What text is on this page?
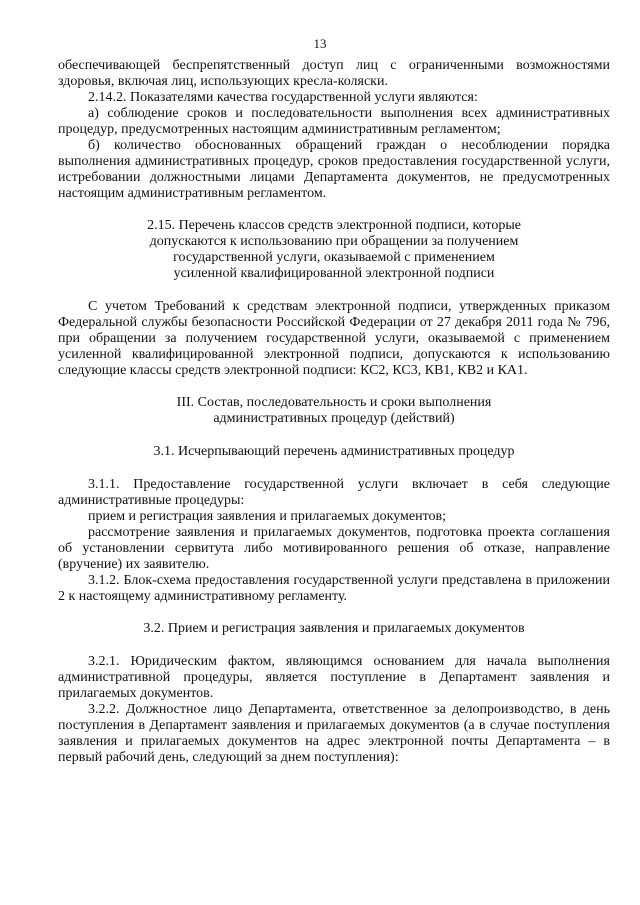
13

обеспечивающей беспрепятственный доступ лиц с ограниченными возможностями здоровья, включая лиц, использующих кресла-коляски.

2.14.2. Показателями качества государственной услуги являются:

а) соблюдение сроков и последовательности выполнения всех административных процедур, предусмотренных настоящим административным регламентом;

б) количество обоснованных обращений граждан о несоблюдении порядка выполнения административных процедур, сроков предоставления государственной услуги, истребовании должностными лицами Департамента документов, не предусмотренных настоящим административным регламентом.

2.15. Перечень классов средств электронной подписи, которые

допускаются к использованию при обращении за получением

государственной услуги, оказываемой с применением

усиленной квалифицированной электронной подписи

С учетом Требований к средствам электронной подписи, утвержденных приказом Федеральной службы безопасности Российской Федерации от 27 декабря 2011 года № 796, при обращении за получением государственной услуги, оказываемой с применением усиленной квалифицированной электронной подписи, допускаются к использованию следующие классы средств электронной подписи: КС2, КС3, КВ1, КВ2 и КА1.

III. Состав, последовательность и сроки выполнения

административных процедур (действий)

3.1. Исчерпывающий перечень административных процедур

3.1.1. Предоставление государственной услуги включает в себя следующие административные процедуры:

прием и регистрация заявления и прилагаемых документов;

рассмотрение заявления и прилагаемых документов, подготовка проекта соглашения об установлении сервитута либо мотивированного решения об отказе, направление (вручение) их заявителю.

3.1.2. Блок-схема предоставления государственной услуги представлена в приложении 2 к настоящему административному регламенту.

3.2. Прием и регистрация заявления и прилагаемых документов

3.2.1. Юридическим фактом, являющимся основанием для начала выполнения административной процедуры, является поступление в Департамент заявления и прилагаемых документов.

3.2.2. Должностное лицо Департамента, ответственное за делопроизводство, в день поступления в Департамент заявления и прилагаемых документов (а в случае поступления заявления и прилагаемых документов на адрес электронной почты Департамента – в первый рабочий день, следующий за днем поступления):
